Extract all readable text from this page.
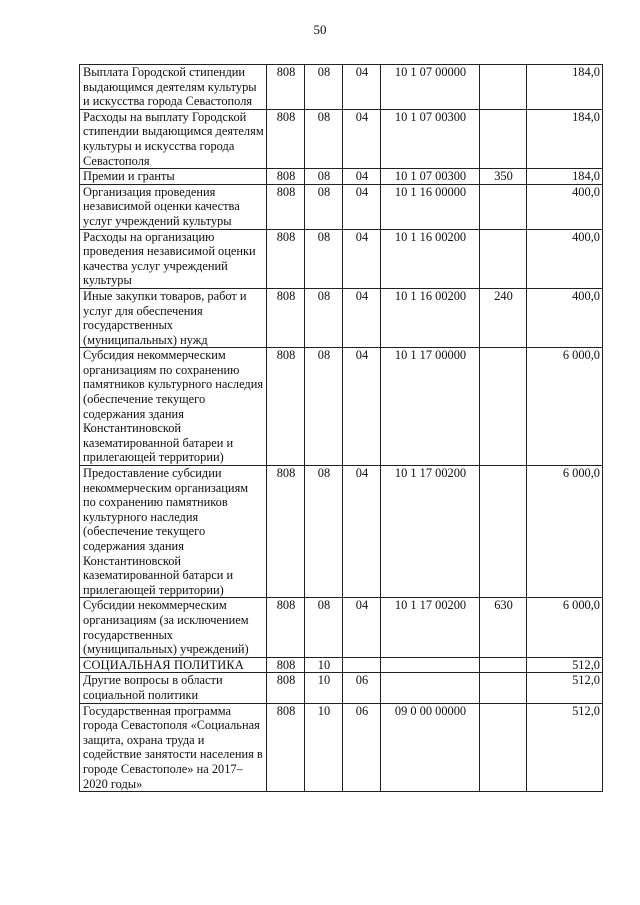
50
Выплата Городской стипендии выдающимся деятелям культуры и искусства города Севастополя	808	08	04	10 1 07 00000		184,0
Расходы на выплату Городской стипендии выдающимся деятелям культуры и искусства города Севастополя	808	08	04	10 1 07 00300		184,0
Премии и гранты	808	08	04	10 1 07 00300	350	184,0
Организация проведения независимой оценки качества услуг учреждений культуры	808	08	04	10 1 16 00000		400,0
Расходы на организацию проведения независимой оценки качества услуг учреждений культуры	808	08	04	10 1 16 00200		400,0
Иные закупки товаров, работ и услуг для обеспечения государственных (муниципальных) нужд	808	08	04	10 1 16 00200	240	400,0
Субсидия некоммерческим организациям по сохранению памятников культурного наследия (обеспечение текущего содержания здания Константиновской казематированной батареи и прилегающей территории)	808	08	04	10 1 17 00000		6 000,0
Предоставление субсидии некоммерческим организациям по сохранению памятников культурного наследия (обеспечение текущего содержания здания Константиновской казематированной батарси и прилегающей территории)	808	08	04	10 1 17 00200		6 000,0
Субсидии некоммерческим организациям (за исключением государственных (муниципальных) учреждений)	808	08	04	10 1 17 00200	630	6 000,0
СОЦИАЛЬНАЯ ПОЛИТИКА	808	10				512,0
Другие вопросы в области социальной политики	808	10	06			512,0
Государственная программа города Севастополя «Социальная защита, охрана труда и содействие занятости населения в городе Севастополе» на 2017–2020 годы»	808	10	06	09 0 00 00000		512,0
